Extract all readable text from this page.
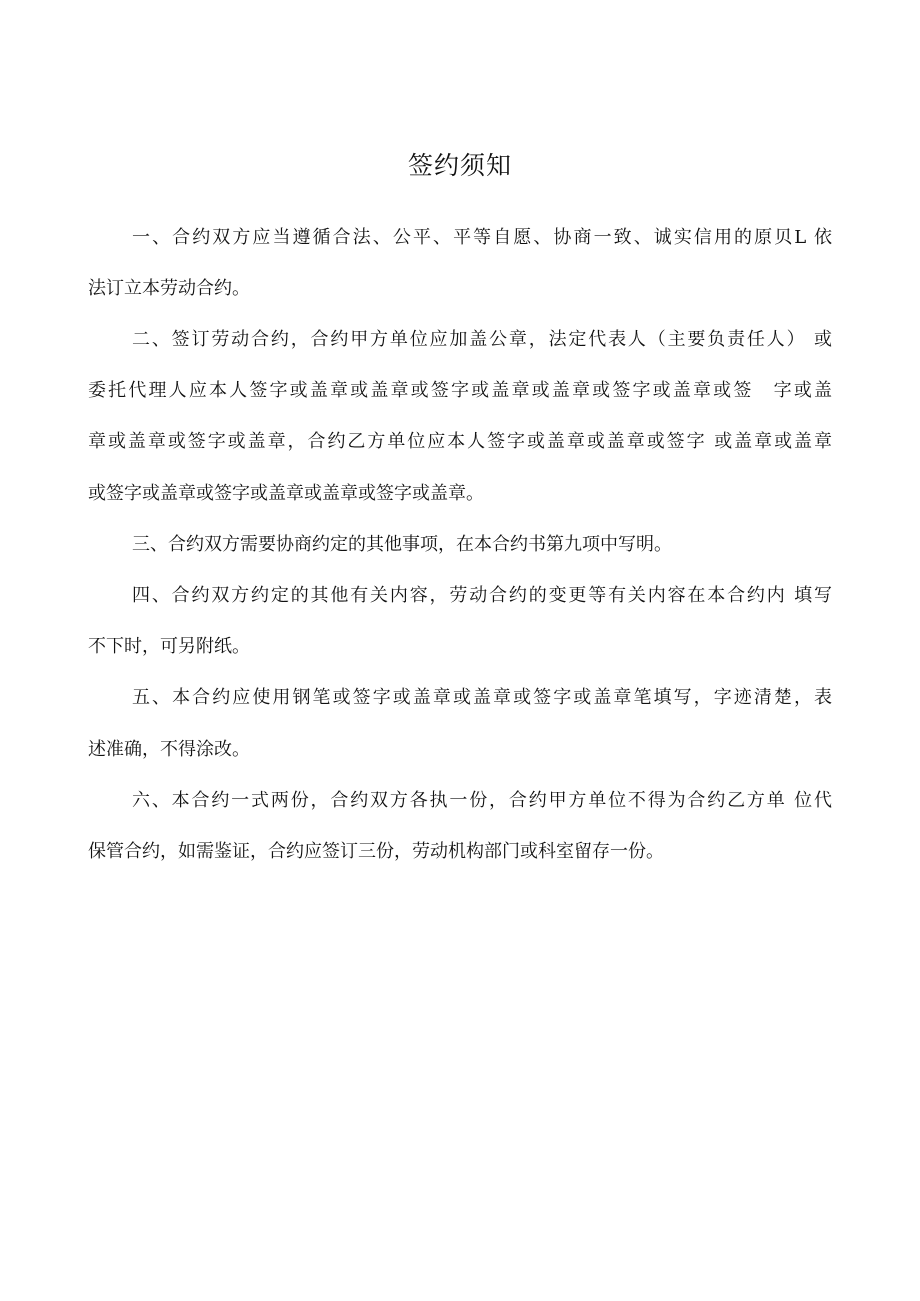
签约须知
一、合约双方应当遵循合法、公平、平等自愿、协商一致、诚实信用的原贝L 依
法订立本劳动合约。
二、签订劳动合约，合约甲方单位应加盖公章，法定代表人（主要负责任人） 或
委托代理人应本人签字或盖章或盖章或签字或盖章或盖章或签字或盖章或签　字或盖
章或盖章或签字或盖章，合约乙方单位应本人签字或盖章或盖章或签字 或盖章或盖章
或签字或盖章或签字或盖章或盖章或签字或盖章。
三、合约双方需要协商约定的其他事项，在本合约书第九项中写明。
四、合约双方约定的其他有关内容，劳动合约的变更等有关内容在本合约内 填写
不下时，可另附纸。
五、本合约应使用钢笔或签字或盖章或盖章或签字或盖章笔填写，字迹清楚，表
述准确，不得涂改。
六、本合约一式两份，合约双方各执一份，合约甲方单位不得为合约乙方单 位代
保管合约，如需鉴证，合约应签订三份，劳动机构部门或科室留存一份。
